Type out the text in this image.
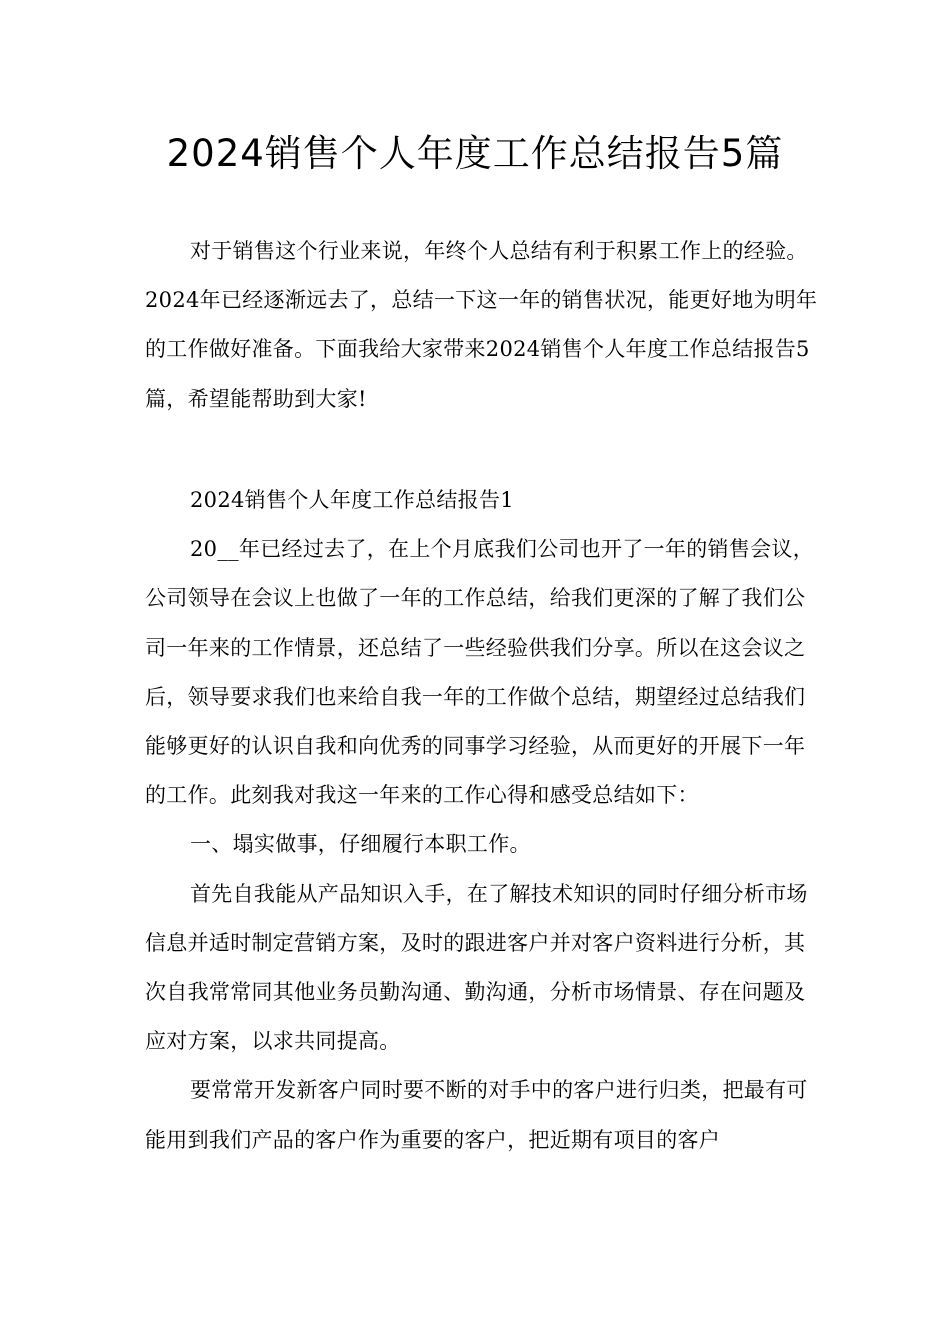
2024销售个人年度工作总结报告5篇

对于销售这个行业来说，年终个人总结有利于积累工作上的经验。2024年已经逐渐远去了，总结一下这一年的销售状况，能更好地为明年的工作做好准备。下面我给大家带来2024销售个人年度工作总结报告5篇，希望能帮助到大家!

2024销售个人年度工作总结报告1

20__年已经过去了，在上个月底我们公司也开了一年的销售会议，公司领导在会议上也做了一年的工作总结，给我们更深的了解了我们公司一年来的工作情景，还总结了一些经验供我们分享。所以在这会议之后，领导要求我们也来给自我一年的工作做个总结，期望经过总结我们能够更好的认识自我和向优秀的同事学习经验，从而更好的开展下一年的工作。此刻我对我这一年来的工作心得和感受总结如下：

一、塌实做事，仔细履行本职工作。

首先自我能从产品知识入手，在了解技术知识的同时仔细分析市场信息并适时制定营销方案，及时的跟进客户并对客户资料进行分析，其次自我常常同其他业务员勤沟通、勤沟通，分析市场情景、存在问题及应对方案，以求共同提高。

要常常开发新客户同时要不断的对手中的客户进行归类，把最有可能用到我们产品的客户作为重要的客户，把近期有项目的客户
